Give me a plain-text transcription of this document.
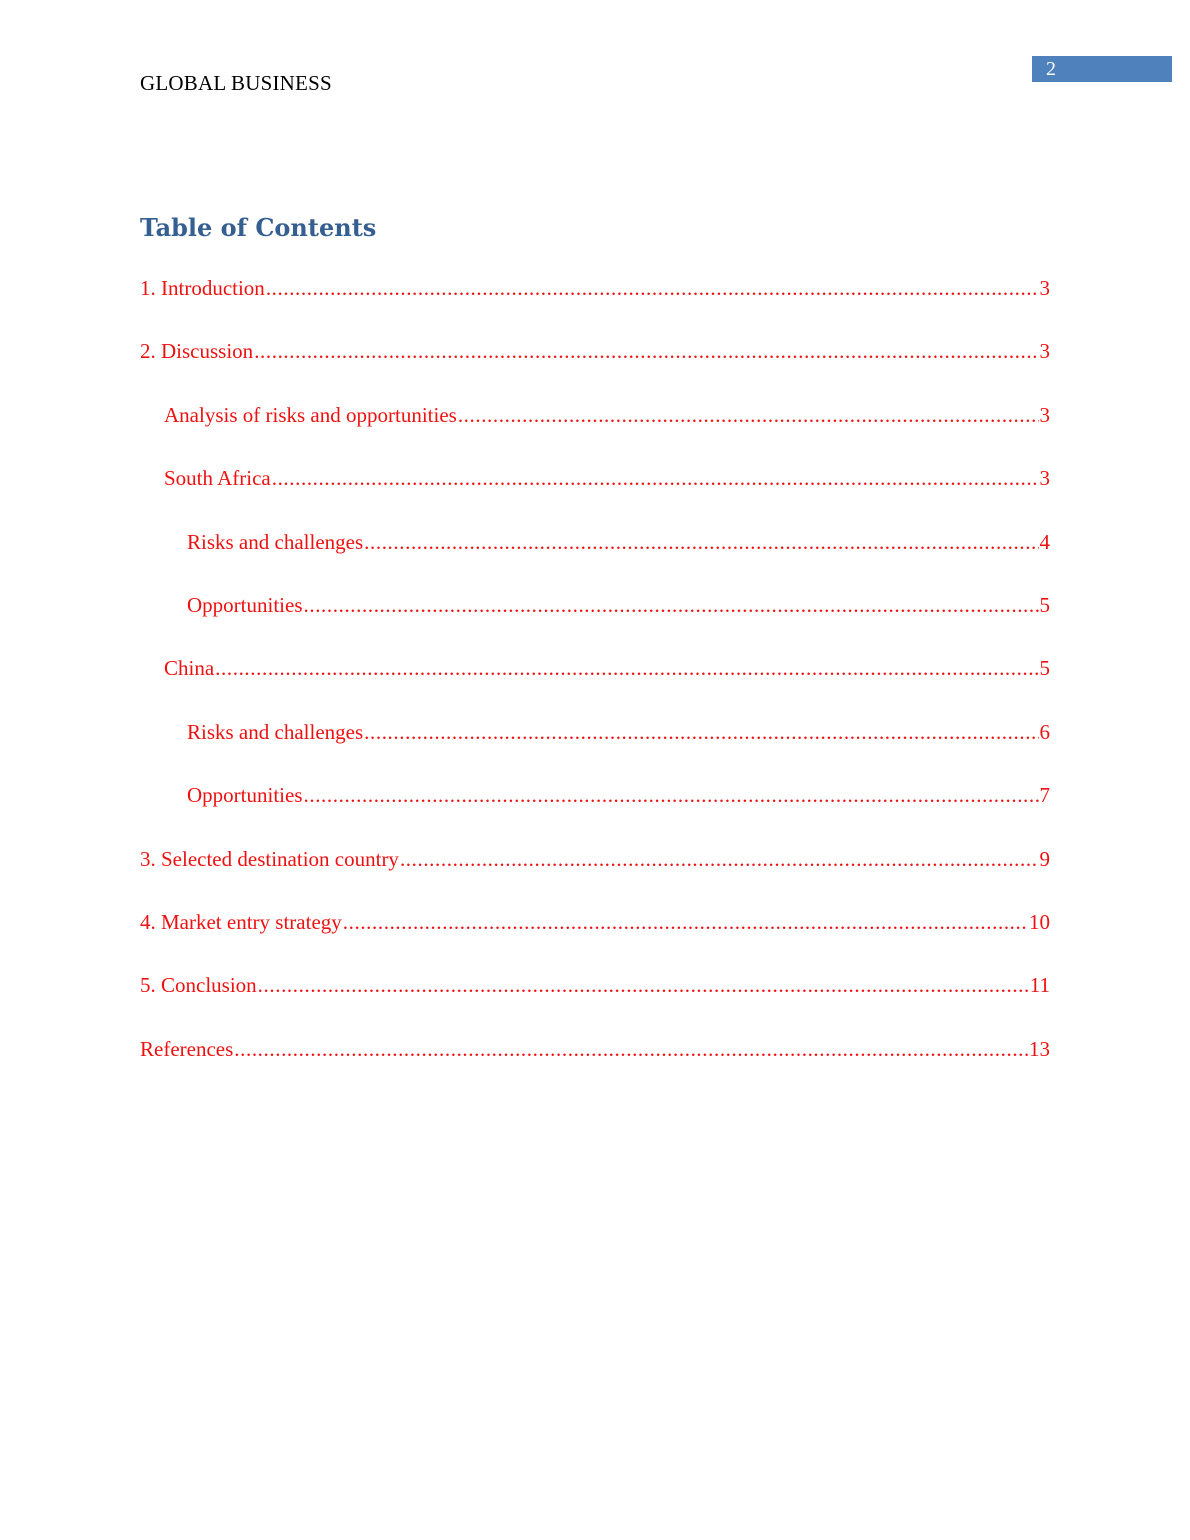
2
GLOBAL BUSINESS
Table of Contents
1. Introduction .....	3
2. Discussion .....	3
Analysis of risks and opportunities .....	3
South Africa .....	3
Risks and challenges .....	4
Opportunities .....	5
China .....	5
Risks and challenges .....	6
Opportunities .....	7
3. Selected destination country .....	9
4. Market entry strategy .....	10
5. Conclusion .....	11
References .....	13
